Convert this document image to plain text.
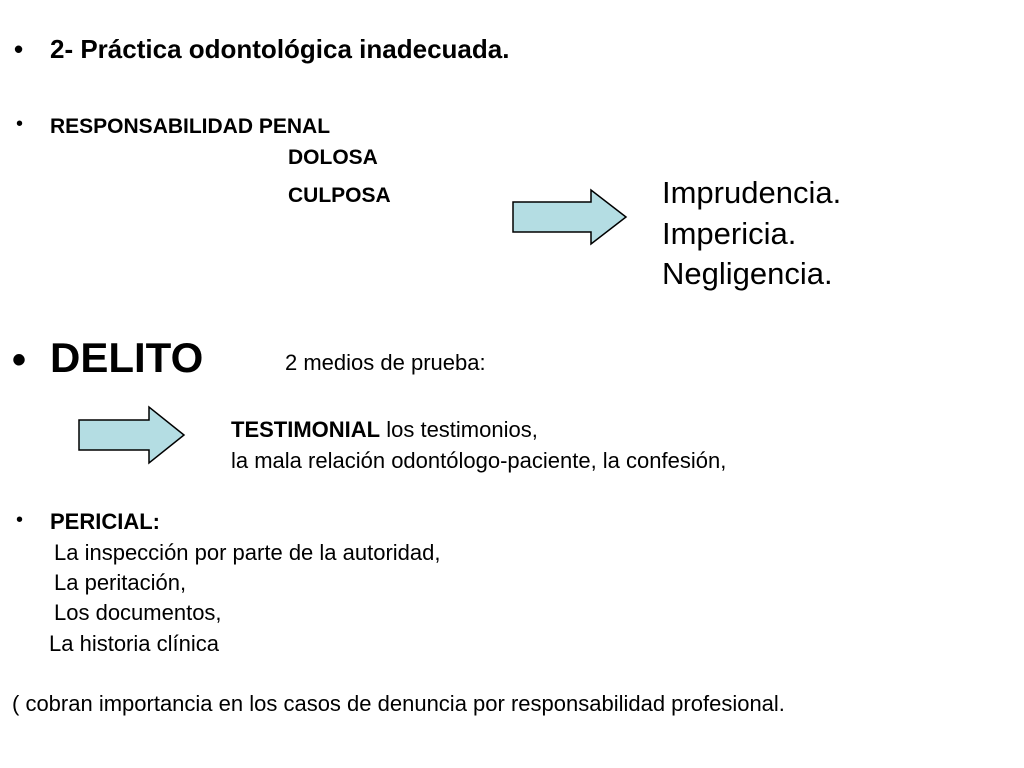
• 2- Práctica odontológica inadecuada.
• RESPONSABILIDAD PENAL
DOLOSA
CULPOSA	Imprudencia.
Impericia.
Negligencia.
• DELITO	2 medios de prueba:
TESTIMONIAL los testimonios,
la mala relación odontólogo-paciente, la confesión,
• PERICIAL:
La inspección por parte de la autoridad,
La peritación,
Los documentos,
La historia clínica
( cobran importancia en los casos de denuncia por responsabilidad profesional.
